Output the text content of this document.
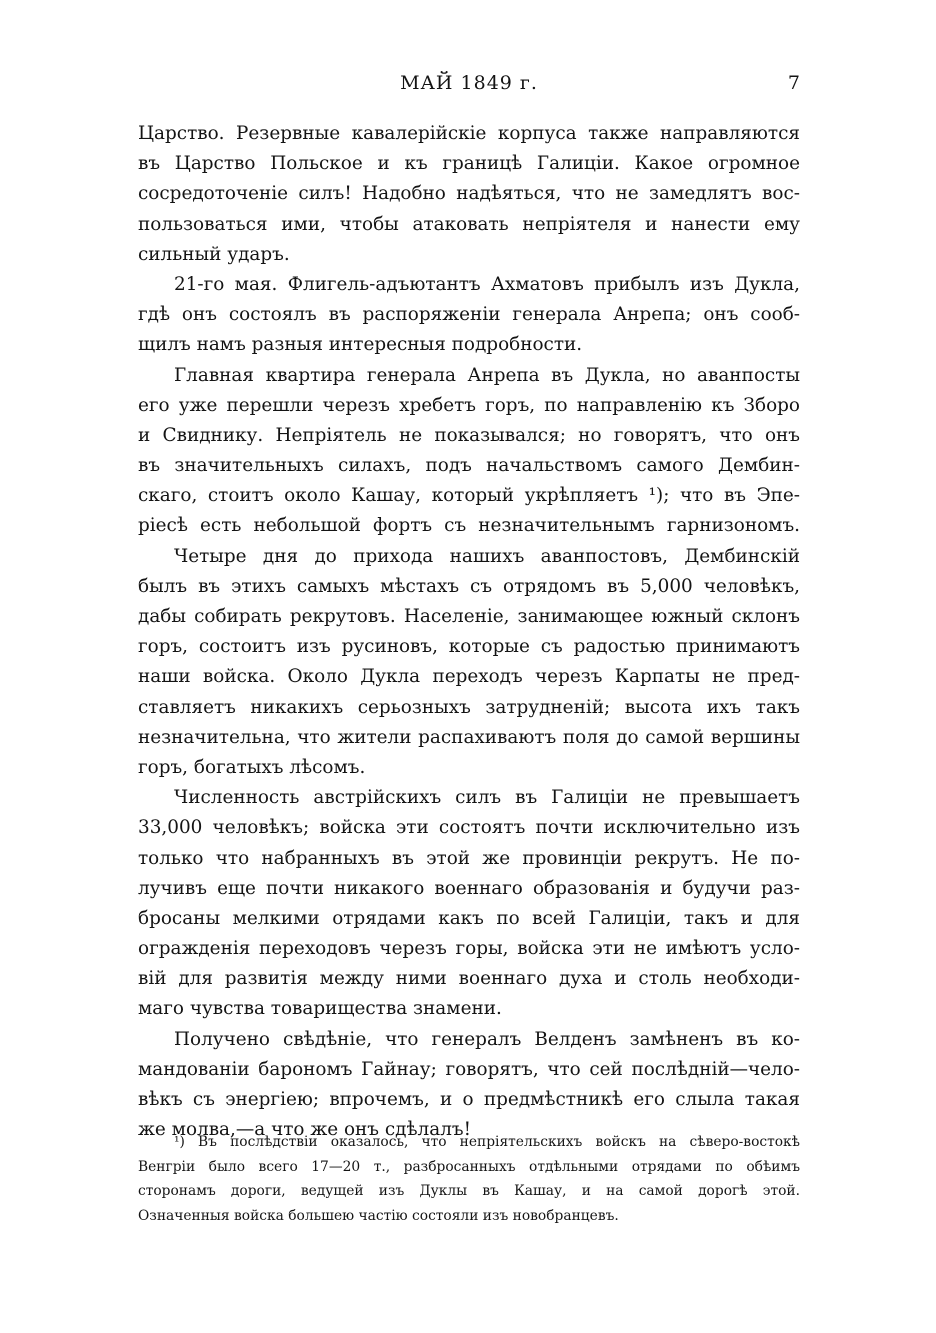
МАЙ 1849 г.	7
Царство. Резервные кавалерійскіе корпуса также направляются
въ Царство Польское и къ границѣ Галиціи. Какое огромное
сосредоточеніе силъ! Надобно надѣяться, что не замедлятъ вос-
пользоваться ими, чтобы атаковать непріятеля и нанести ему
сильный ударъ.
21-го мая. Флигель-адъютантъ Ахматовъ прибылъ изъ Дукла,
гдѣ онъ состоялъ въ распоряженіи генерала Анрепа; онъ сооб-
щилъ намъ разныя интересныя подробности.
Главная квартира генерала Анрепа въ Дукла, но аванпосты
его уже перешли черезъ хребетъ горъ, по направленію къ Зборо
и Свиднику. Непріятель не показывался; но говорятъ, что онъ
въ значительныхъ силахъ, подъ начальствомъ самого Дембин-
скаго, стоитъ около Кашау, который укрѣпляетъ ¹); что въ Эпе-
ріесѣ есть небольшой фортъ съ незначительнымъ гарнизономъ.
Четыре дня до прихода нашихъ аванпостовъ, Дембинскій
былъ въ этихъ самыхъ мѣстахъ съ отрядомъ въ 5,000 человѣкъ,
дабы собирать рекрутовъ. Населеніе, занимающее южный склонъ
горъ, состоитъ изъ русиновъ, которые съ радостью принимаютъ
наши войска. Около Дукла переходъ черезъ Карпаты не пред-
ставляетъ никакихъ серьозныхъ затрудненій; высота ихъ такъ
незначительна, что жители распахиваютъ поля до самой вершины
горъ, богатыхъ лѣсомъ.
Численность австрійскихъ силъ въ Галиціи не превышаетъ
33,000 человѣкъ; войска эти состоятъ почти исключительно изъ
только что набранныхъ въ этой же провинціи рекрутъ. Не по-
лучивъ еще почти никакого военнаго образованія и будучи раз-
бросаны мелкими отрядами какъ по всей Галиціи, такъ и для
огражденія переходовъ черезъ горы, войска эти не имѣютъ усло-
вій для развитія между ними военнаго духа и столь необходи-
маго чувства товарищества знамени.
Получено свѣдѣніе, что генералъ Велденъ замѣненъ въ ко-
мандованіи барономъ Гайнау; говорятъ, что сей послѣдній—чело-
вѣкъ съ энергіею; впрочемъ, и о предмѣстникѣ его слыла такая
же молва,—а что же онъ сдѣлалъ!
¹) Въ послѣдствіи оказалось, что непріятельскихъ войскъ на сѣверо-востокѣ
Венгріи было всего 17—20 т., разбросанныхъ отдѣльными отрядами по обѣимъ
сторонамъ дороги, ведущей изъ Дуклы въ Кашау, и на самой дорогѣ этой.
Означенныя войска большею частію состояли изъ новобранцевъ.
